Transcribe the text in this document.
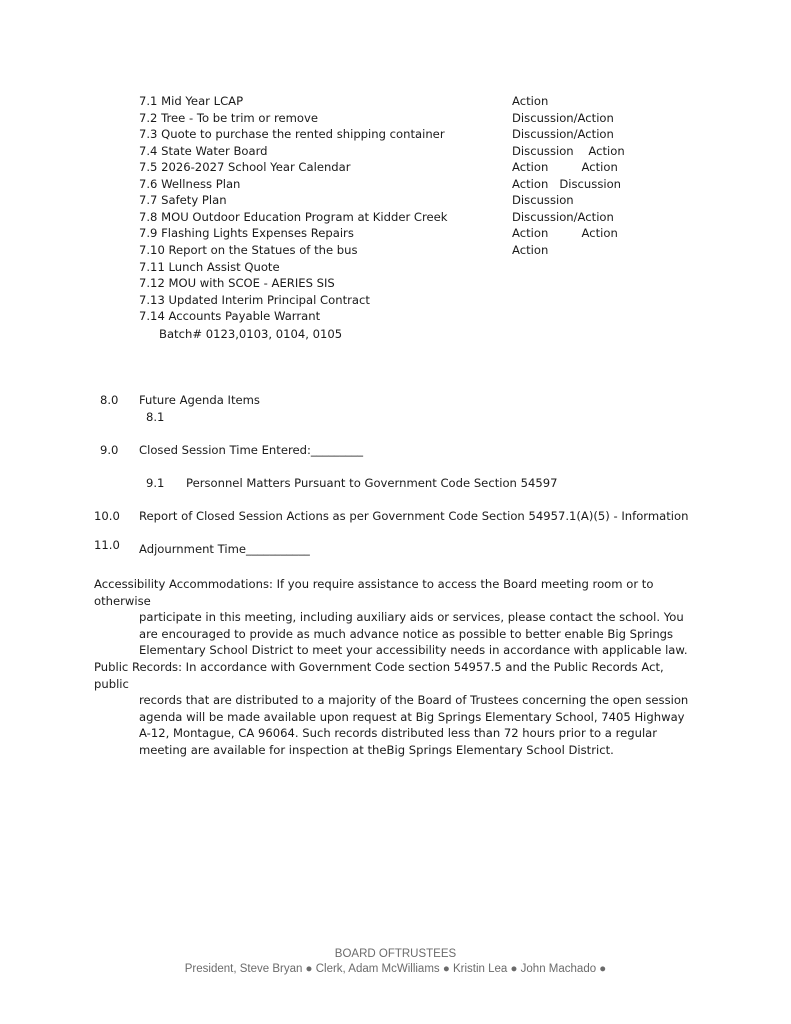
7.1 Mid Year LCAP	Action
7.2 Tree - To be trim or remove	Discussion/Action
7.3 Quote to purchase the rented shipping container	Discussion/Action
7.4 State Water Board	Discussion    Action
7.5 2026-2027 School Year Calendar	Action         Action
7.6 Wellness Plan	Action   Discussion
7.7 Safety Plan	Discussion
7.8 MOU Outdoor Education Program at Kidder Creek	Discussion/Action
7.9 Flashing Lights Expenses Repairs	Action         Action
7.10 Report on the Statues of the bus	Action
7.11 Lunch Assist Quote
7.12 MOU with SCOE - AERIES SIS
7.13 Updated Interim Principal Contract
7.14 Accounts Payable Warrant
Batch# 0123,0103, 0104, 0105
8.0 Future Agenda Items
8.1
9.0 Closed Session Time Entered:_________
9.1 Personnel Matters Pursuant to Government Code Section 54597
10.0 Report of Closed Session Actions as per Government Code Section 54957.1(A)(5) - Information
11.0 Adjournment Time___________
Accessibility Accommodations: If you require assistance to access the Board meeting room or to otherwise
participate in this meeting, including auxiliary aids or services, please contact the school. You are encouraged to provide as much advance notice as possible to better enable Big Springs Elementary School District to meet your accessibility needs in accordance with applicable law.
Public Records: In accordance with Government Code section 54957.5 and the Public Records Act, public
records that are distributed to a majority of the Board of Trustees concerning the open session agenda will be made available upon request at Big Springs Elementary School, 7405 Highway A-12, Montague, CA 96064. Such records distributed less than 72 hours prior to a regular meeting are available for inspection at theBig Springs Elementary School District.
BOARD OFTRUSTEES
President, Steve Bryan ● Clerk, Adam McWilliams ● Kristin Lea ● John Machado ●
